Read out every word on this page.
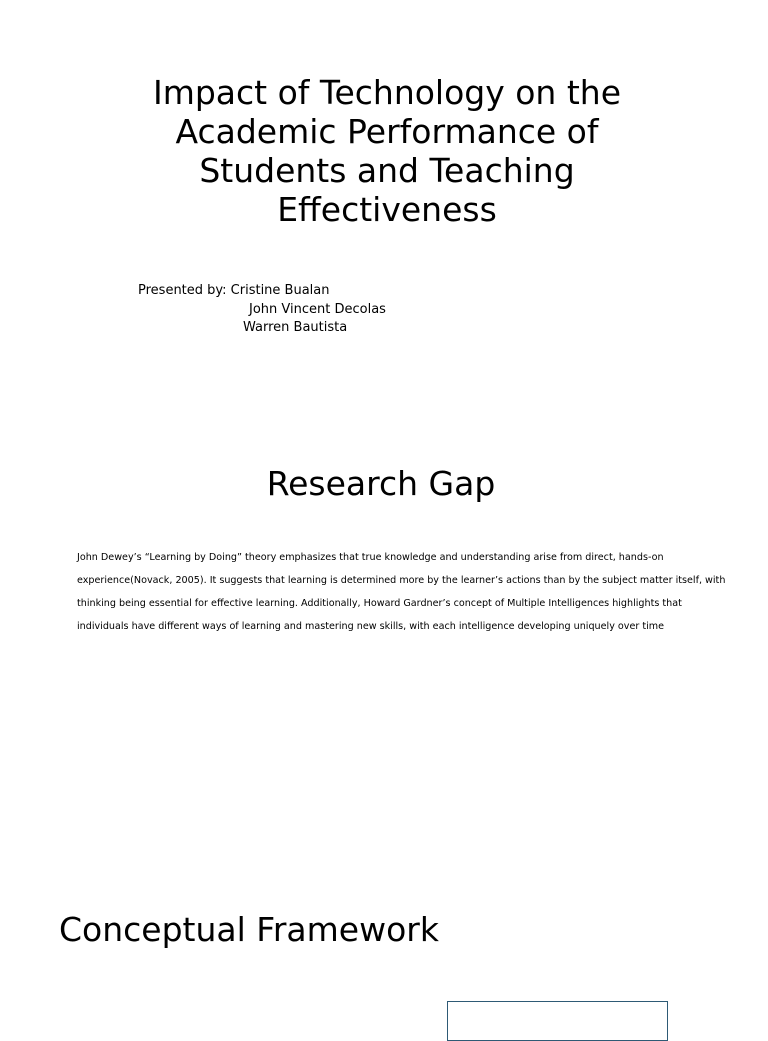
Impact of Technology on the
Academic Performance of
Students and Teaching
Effectiveness
Presented by: Cristine Bualan
John Vincent Decolas
Warren Bautista
Research Gap

John Dewey’s “Learning by Doing” theory emphasizes that true knowledge and understanding arise from direct, hands-on
experience(Novack, 2005). It suggests that learning is determined more by the learner’s actions than by the subject matter itself, with
thinking being essential for effective learning. Additionally, Howard Gardner’s concept of Multiple Intelligences highlights that
individuals have different ways of learning and mastering new skills, with each intelligence developing uniquely over time

Conceptual Framework
